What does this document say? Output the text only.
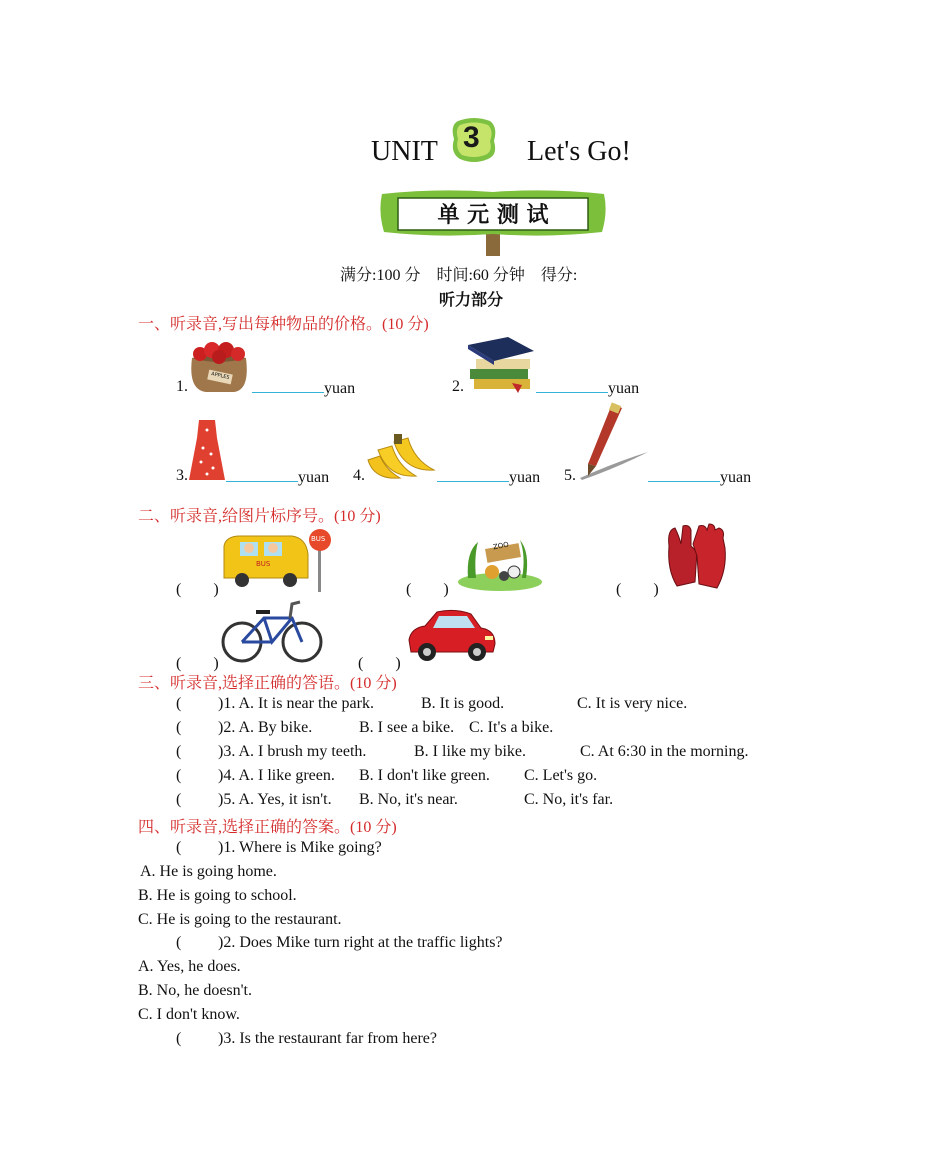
UNIT 3 Let's Go!
单 元 测 试
满分:100 分　时间:60 分钟　得分:
听力部分
一、听录音,写出每种物品的价格。(10 分)
APPLES
1.	yuan	2.	yuan
3.	yuan 4.	yuan 5.	yuan
二、听录音,给图片标序号。(10 分)
(　　)
BUS
BUS
(　　)
ZOO
(　　)
(　　)	(　　)
三、听录音,选择正确的答语。(10 分)
( )1. A. It is near the park.	B. It is good.	C. It is very nice.
( )2. A. By bike.	B. I see a bike. C. It's a bike.
( )3. A. I brush my teeth.	B. I like my bike.	C. At 6:30 in the morning.
( )4. A. I like green. B. I don't like green. C. Let's go.
( )5. A. Yes, it isn't. B. No, it's near.	C. No, it's far.
四、听录音,选择正确的答案。(10 分)
( )1. Where is Mike going?
A. He is going home.
B. He is going to school.
C. He is going to the restaurant.
( )2. Does Mike turn right at the traffic lights?
A. Yes, he does.
B. No, he doesn't.
C. I don't know.
( )3. Is the restaurant far from here?
